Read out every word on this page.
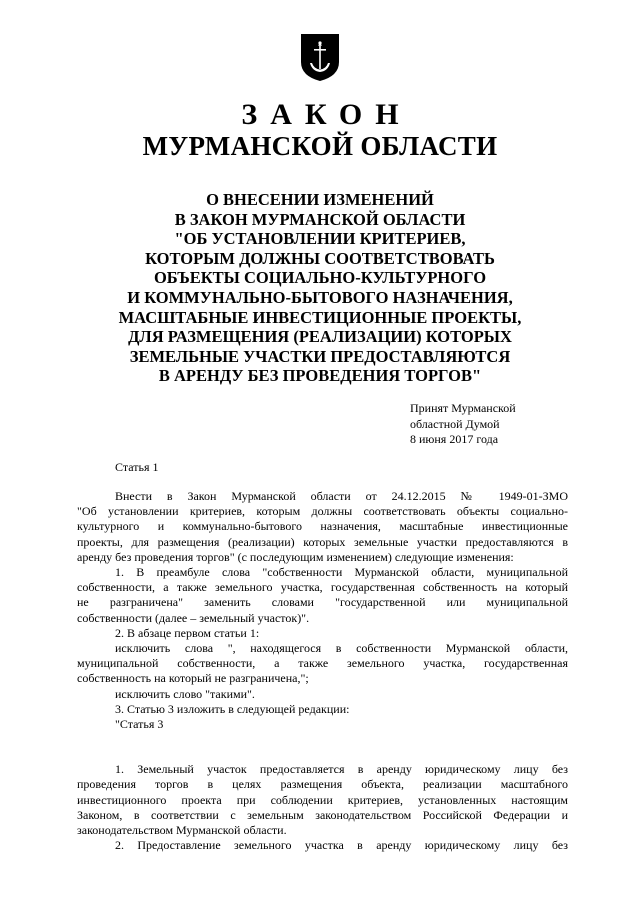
ЗАКОН
МУРМАНСКОЙ ОБЛАСТИ
О ВНЕСЕНИИ ИЗМЕНЕНИЙ
В ЗАКОН МУРМАНСКОЙ ОБЛАСТИ
"ОБ УСТАНОВЛЕНИИ КРИТЕРИЕВ,
КОТОРЫМ ДОЛЖНЫ СООТВЕТСТВОВАТЬ
ОБЪЕКТЫ СОЦИАЛЬНО-КУЛЬТУРНОГО
И КОММУНАЛЬНО-БЫТОВОГО НАЗНАЧЕНИЯ,
МАСШТАБНЫЕ ИНВЕСТИЦИОННЫЕ ПРОЕКТЫ,
ДЛЯ РАЗМЕЩЕНИЯ (РЕАЛИЗАЦИИ) КОТОРЫХ
ЗЕМЕЛЬНЫЕ УЧАСТКИ ПРЕДОСТАВЛЯЮТСЯ
В АРЕНДУ БЕЗ ПРОВЕДЕНИЯ ТОРГОВ"
Принят Мурманской
областной Думой
8 июня 2017 года
Статья 1

Внести в Закон Мурманской области от 24.12.2015 № 1949-01-ЗМО

"Об установлении критериев, которым должны соответствовать объекты социально-

культурного и коммунально-бытового назначения, масштабные инвестиционные

проекты, для размещения (реализации) которых земельные участки предоставляются в

аренду без проведения торгов" (с последующим изменением) следующие изменения:

1. В преамбуле слова "собственности Мурманской области, муниципальной

собственности, а также земельного участка, государственная собственность на который

не разграничена" заменить словами "государственной или муниципальной

собственности (далее – земельный участок)".

2. В абзаце первом статьи 1:

исключить слова ", находящегося в собственности Мурманской области,

муниципальной собственности, а также земельного участка, государственная

собственность на который не разграничена,";

исключить слово "такими".

3. Статью 3 изложить в следующей редакции:

"Статья 3

1. Земельный участок предоставляется в аренду юридическому лицу без

проведения торгов в целях размещения объекта, реализации масштабного

инвестиционного проекта при соблюдении критериев, установленных настоящим

Законом, в соответствии с земельным законодательством Российской Федерации и

законодательством Мурманской области.

2. Предоставление земельного участка в аренду юридическому лицу без
